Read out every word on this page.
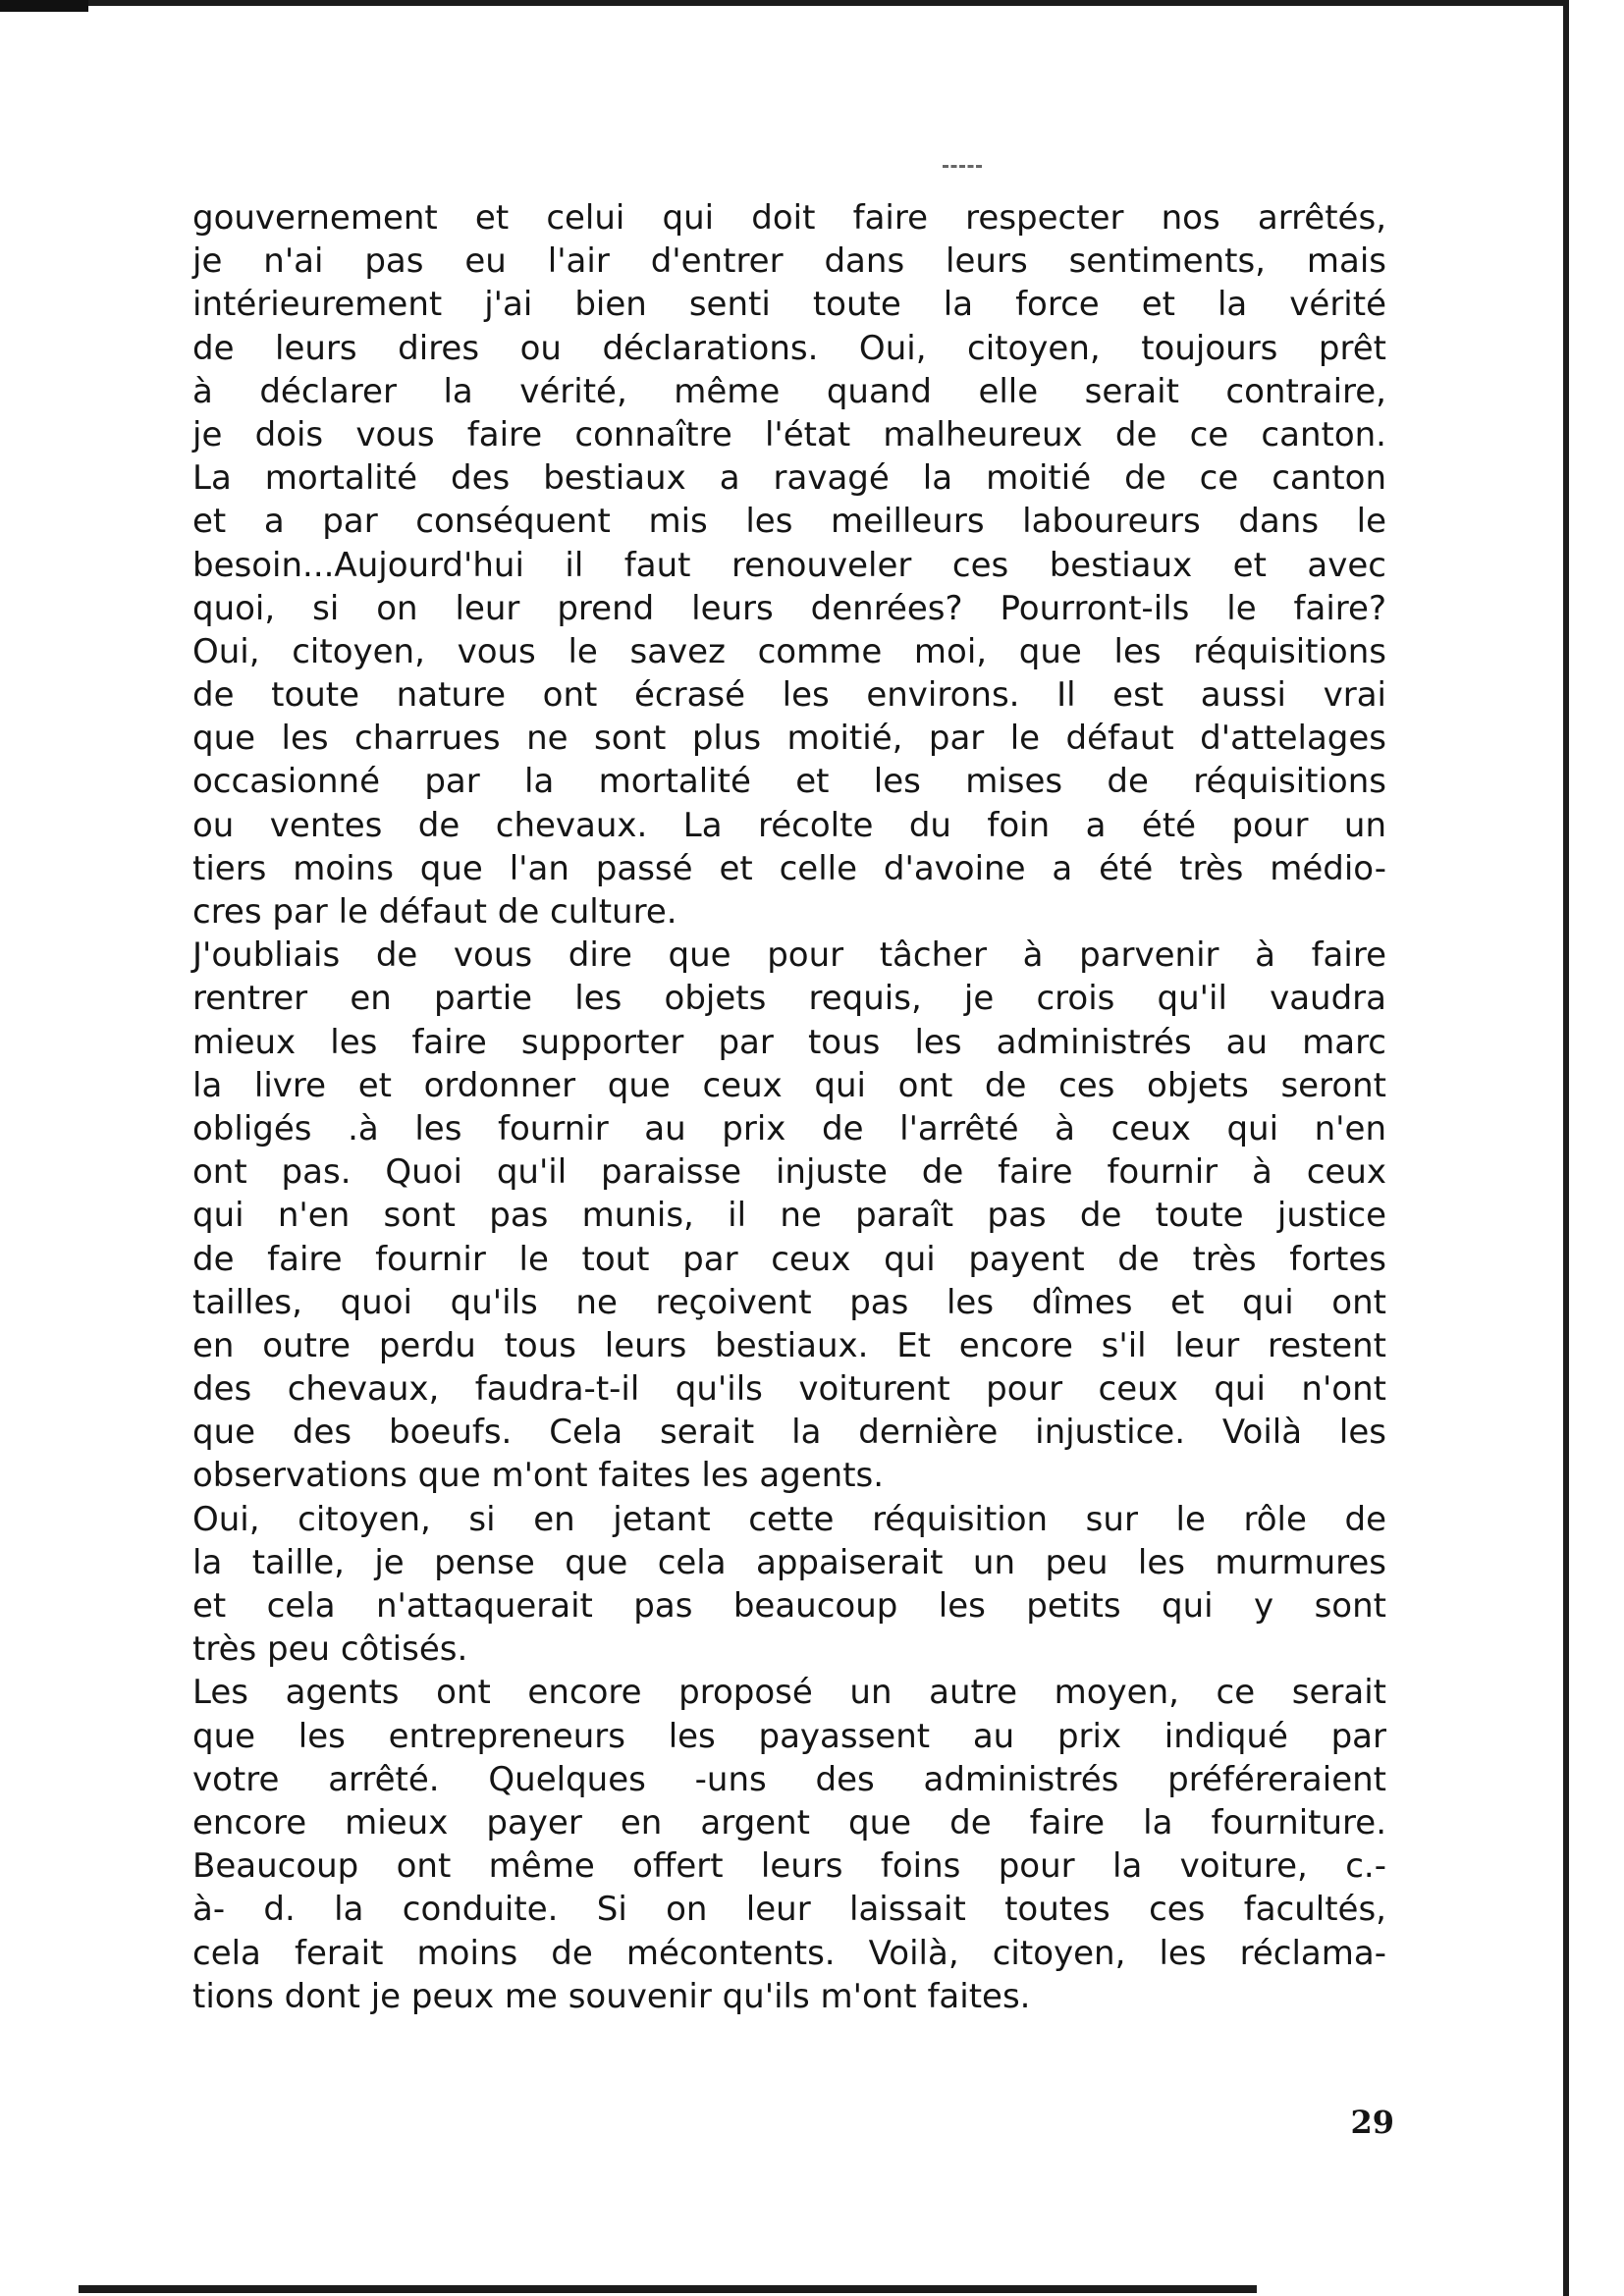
gouvernement et celui qui doit faire respecter nos arrêtés,
je n'ai pas eu l'air d'entrer dans leurs sentiments, mais
intérieurement j'ai bien senti toute la force et la vérité
de leurs dires ou déclarations. Oui, citoyen, toujours prêt
à déclarer la vérité, même quand elle serait contraire,
je dois vous faire connaître l'état malheureux de ce canton.
La mortalité des bestiaux a ravagé la moitié de ce canton
et a par conséquent mis les meilleurs laboureurs dans le
besoin...Aujourd'hui il faut renouveler ces bestiaux et avec
quoi, si on leur prend leurs denrées? Pourront-ils le faire?
Oui, citoyen, vous le savez comme moi, que les réquisitions
de toute nature ont écrasé les environs. Il est aussi vrai
que les charrues ne sont plus moitié, par le défaut d'attelages
occasionné par la mortalité et les mises de réquisitions
ou ventes de chevaux. La récolte du foin a été pour un
tiers moins que l'an passé et celle d'avoine a été très médio-
cres par le défaut de culture.
J'oubliais de vous dire que pour tâcher à parvenir à faire
rentrer en partie les objets requis, je crois qu'il vaudra
mieux les faire supporter par tous les administrés au marc
la livre et ordonner que ceux qui ont de ces objets seront
obligés .à les fournir au prix de l'arrêté à ceux qui n'en
ont pas. Quoi qu'il paraisse injuste de faire fournir à ceux
qui n'en sont pas munis, il ne paraît pas de toute justice
de faire fournir le tout par ceux qui payent de très fortes
tailles, quoi qu'ils ne reçoivent pas les dîmes et qui ont
en outre perdu tous leurs bestiaux. Et encore s'il leur restent
des chevaux, faudra-t-il qu'ils voiturent pour ceux qui n'ont
que des boeufs. Cela serait la dernière injustice. Voilà les
observations que m'ont faites les agents.
Oui, citoyen, si en jetant cette réquisition sur le rôle de
la taille, je pense que cela appaiserait un peu les murmures
et cela n'attaquerait pas beaucoup les petits qui y sont
très peu côtisés.
Les agents ont encore proposé un autre moyen, ce serait
que les entrepreneurs les payassent au prix indiqué par
votre arrêté. Quelques -uns des administrés préféreraient
encore mieux payer en argent que de faire la fourniture.
Beaucoup ont même offert leurs foins pour la voiture, c.-
à- d. la conduite. Si on leur laissait toutes ces facultés,
cela ferait moins de mécontents. Voilà, citoyen, les réclama-
tions dont je peux me souvenir qu'ils m'ont faites.
29
